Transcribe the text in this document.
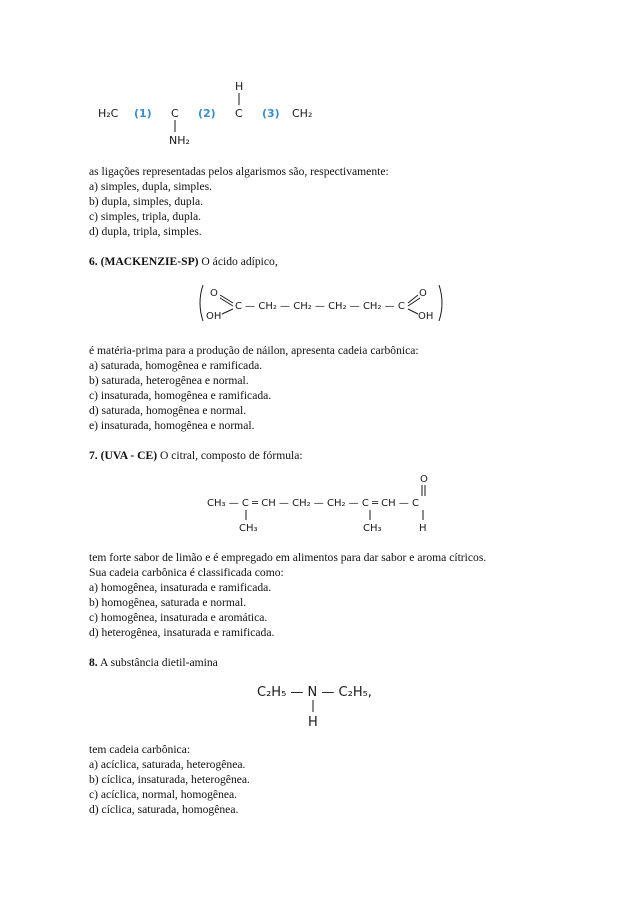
H₂C (1) C (2)
H
C (3) CH₂
NH₂
as ligações representadas pelos algarismos são, respectivamente:
a) simples, dupla, simples.
b) dupla, simples, dupla.
c) simples, tripla, dupla.
d) dupla, tripla, simples.
6. (MACKENZIE-SP) O ácido adípico,
O
OH
C — CH₂ — CH₂ — CH₂ — CH₂ — C
O
OH
é matéria-prima para a produção de náilon, apresenta cadeia carbônica:
a) saturada, homogênea e ramificada.
b) saturada, heterogênea e normal.
c) insaturada, homogênea e ramificada.
d) saturada, homogênea e normal.
e) insaturada, homogênea e normal.
7. (UVA - CE) O citral, composto de fórmula:
O
CH₃ — C ═ CH — CH₂ — CH₂ — C ═ CH — C
CH₃	CH₃	H
tem forte sabor de limão e é empregado em alimentos para dar sabor e aroma cítricos.
Sua cadeia carbônica é classificada como:
a) homogênea, insaturada e ramificada.
b) homogênea, saturada e normal.
c) homogênea, insaturada e aromática.
d) heterogênea, insaturada e ramificada.
8. A substância dietil-amina
C₂H₅ — N — C₂H₅,
H
tem cadeia carbônica:
a) acíclica, saturada, heterogênea.
b) cíclica, insaturada, heterogênea.
c) acíclica, normal, homogênea.
d) cíclica, saturada, homogênea.
